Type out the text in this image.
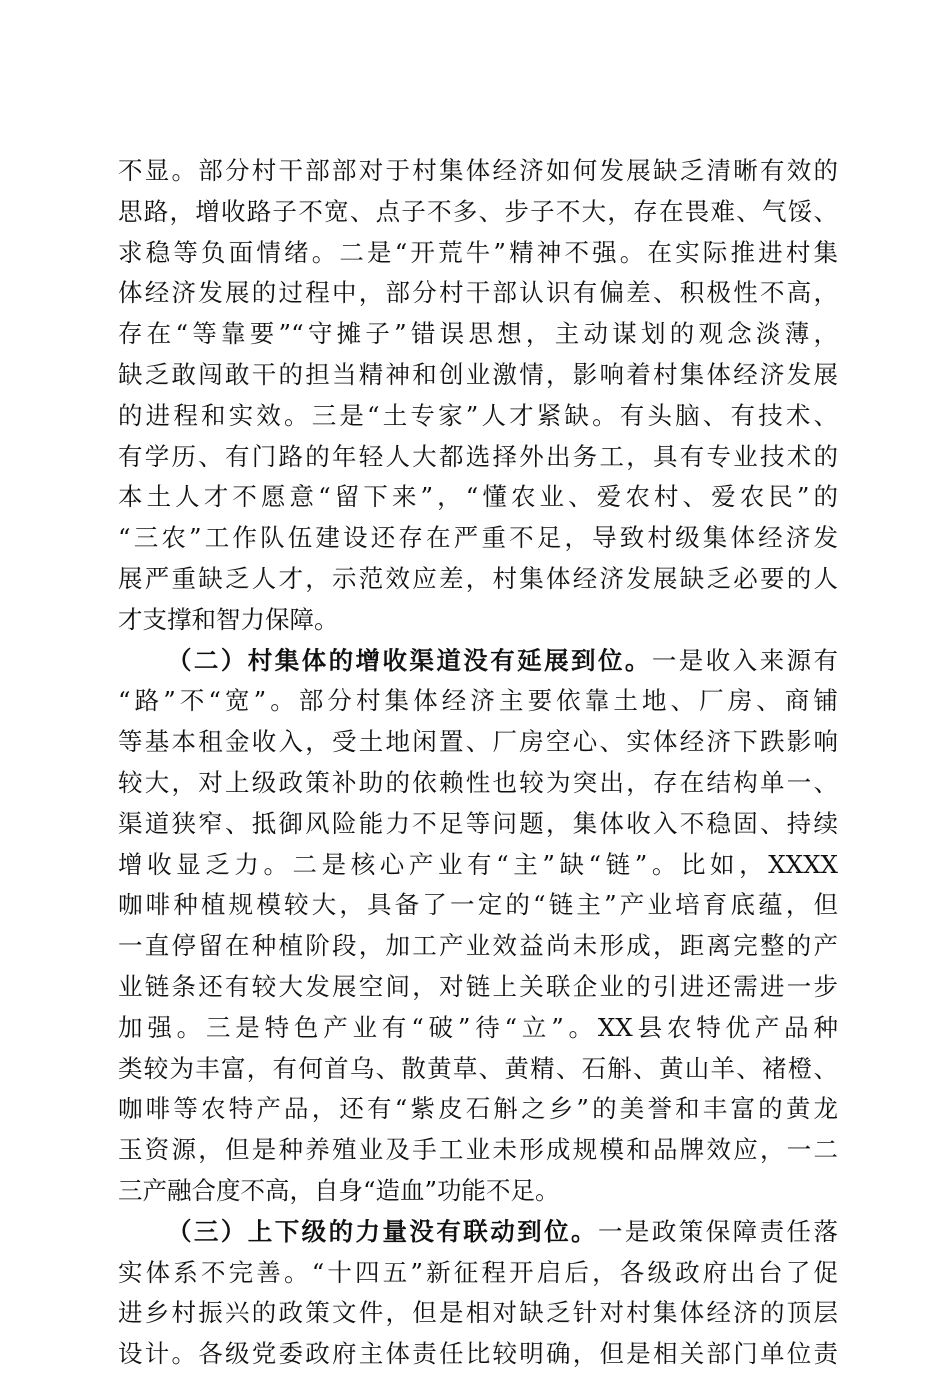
不显。部分村干部部对于村集体经济如何发展缺乏清晰有效的
思路，增收路子不宽、点子不多、步子不大，存在畏难、气馁、
求稳等负面情绪。二是“开荒牛”精神不强。在实际推进村集
体经济发展的过程中，部分村干部认识有偏差、积极性不高，
存在“等靠要”“守摊子”错误思想，主动谋划的观念淡薄，
缺乏敢闯敢干的担当精神和创业激情，影响着村集体经济发展
的进程和实效。三是“土专家”人才紧缺。有头脑、有技术、
有学历、有门路的年轻人大都选择外出务工，具有专业技术的
本土人才不愿意“留下来”，“懂农业、爱农村、爱农民”的
“三农”工作队伍建设还存在严重不足，导致村级集体经济发
展严重缺乏人才，示范效应差，村集体经济发展缺乏必要的人
才支撑和智力保障。
（二）村集体的增收渠道没有延展到位。一是收入来源有
“路”不“宽”。部分村集体经济主要依靠土地、厂房、商铺
等基本租金收入，受土地闲置、厂房空心、实体经济下跌影响
较大，对上级政策补助的依赖性也较为突出，存在结构单一、
渠道狭窄、抵御风险能力不足等问题，集体收入不稳固、持续
增收显乏力。二是核心产业有“主”缺“链”。比如，XXXX
咖啡种植规模较大，具备了一定的“链主”产业培育底蕴，但
一直停留在种植阶段，加工产业效益尚未形成，距离完整的产
业链条还有较大发展空间，对链上关联企业的引进还需进一步
加强。三是特色产业有“破”待“立”。XX县农特优产品种
类较为丰富，有何首乌、散黄草、黄精、石斛、黄山羊、褚橙、
咖啡等农特产品，还有“紫皮石斛之乡”的美誉和丰富的黄龙
玉资源，但是种养殖业及手工业未形成规模和品牌效应，一二
三产融合度不高，自身“造血”功能不足。
（三）上下级的力量没有联动到位。一是政策保障责任落
实体系不完善。“十四五”新征程开启后，各级政府出台了促
进乡村振兴的政策文件，但是相对缺乏针对村集体经济的顶层
设计。各级党委政府主体责任比较明确，但是相关部门单位责
